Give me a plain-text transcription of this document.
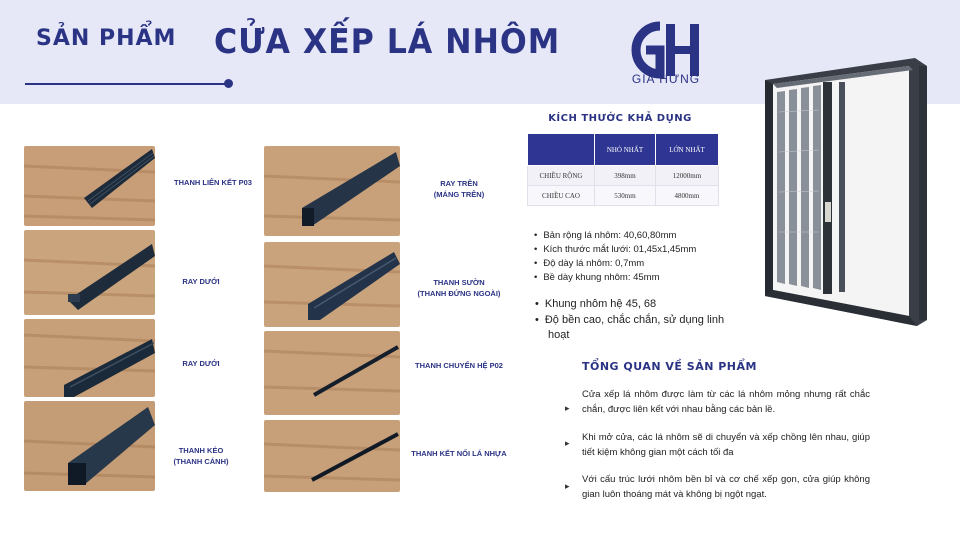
SẢN PHẨM CỬA XẾP LÁ NHÔM
GIA HƯNG
THANH LIÊN KẾT P03
RAY DƯỚI
RAY DƯỚI
THANH KÉO
(THANH CÁNH)
RAY TRÊN
(MÁNG TRÊN)
THANH SƯỜN
(THANH ĐỨNG NGOÀI)
THANH CHUYỂN HỆ P02
THANH KẾT NỐI LÁ NHỰA
KÍCH THƯỚC KHẢ DỤNG
	NHỎ NHẤT	LỚN NHẤT
CHIỀU RỘNG	398mm	12000mm
CHIỀU CAO	530mm	4800mm
• Bản rộng lá nhôm: 40,60,80mm
• Kích thước mắt lưới: 01,45x1,45mm
• Độ dày lá nhôm: 0,7mm
• Bề dày khung nhôm: 45mm
• Khung nhôm hệ 45, 68
• Độ bền cao, chắc chắn, sử dụng linh hoạt
TỔNG QUAN VỀ SẢN PHẨM
▸
Cửa xếp lá nhôm được làm từ các lá nhôm mỏng nhưng rất chắc chắn, được liên kết với nhau bằng các bản lề.
▸ Khi mở cửa, các lá nhôm sẽ di chuyển và xếp chồng lên nhau, giúp tiết kiệm không gian một cách tối đa
▸
Với cấu trúc lưới nhôm bền bỉ và cơ chế xếp gọn, cửa giúp không gian luôn thoáng mát và không bị ngột ngạt.
